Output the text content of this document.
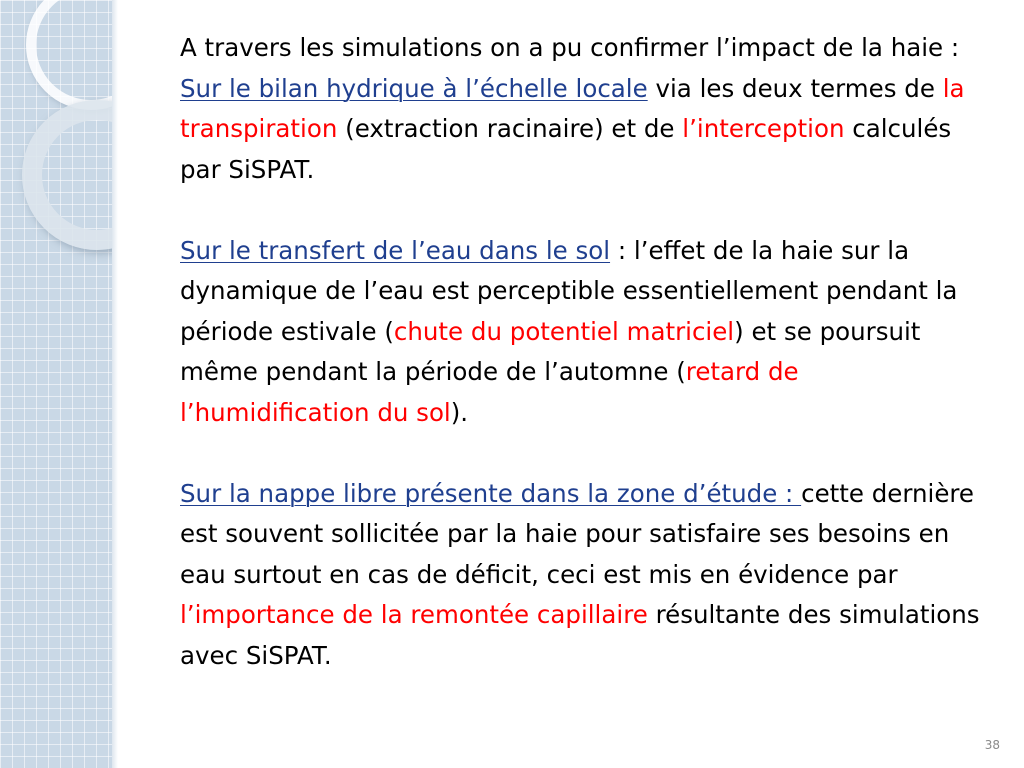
A travers les simulations on a pu confirmer l’impact de la haie :

Sur le bilan hydrique à l’échelle locale via les deux termes de la transpiration (extraction racinaire) et de l’interception calculés par SiSPAT.

Sur le transfert de l’eau dans le sol : l’effet de la haie sur la dynamique de l’eau est perceptible essentiellement pendant la période estivale (chute du potentiel matriciel) et se poursuit même pendant la période de l’automne (retard de l’humidification du sol).

Sur la nappe libre présente dans la zone d’étude : cette dernière est souvent sollicitée par la haie pour satisfaire ses besoins en eau surtout en cas de déficit, ceci est mis en évidence par l’importance de la remontée capillaire résultante des simulations avec SiSPAT.

38
